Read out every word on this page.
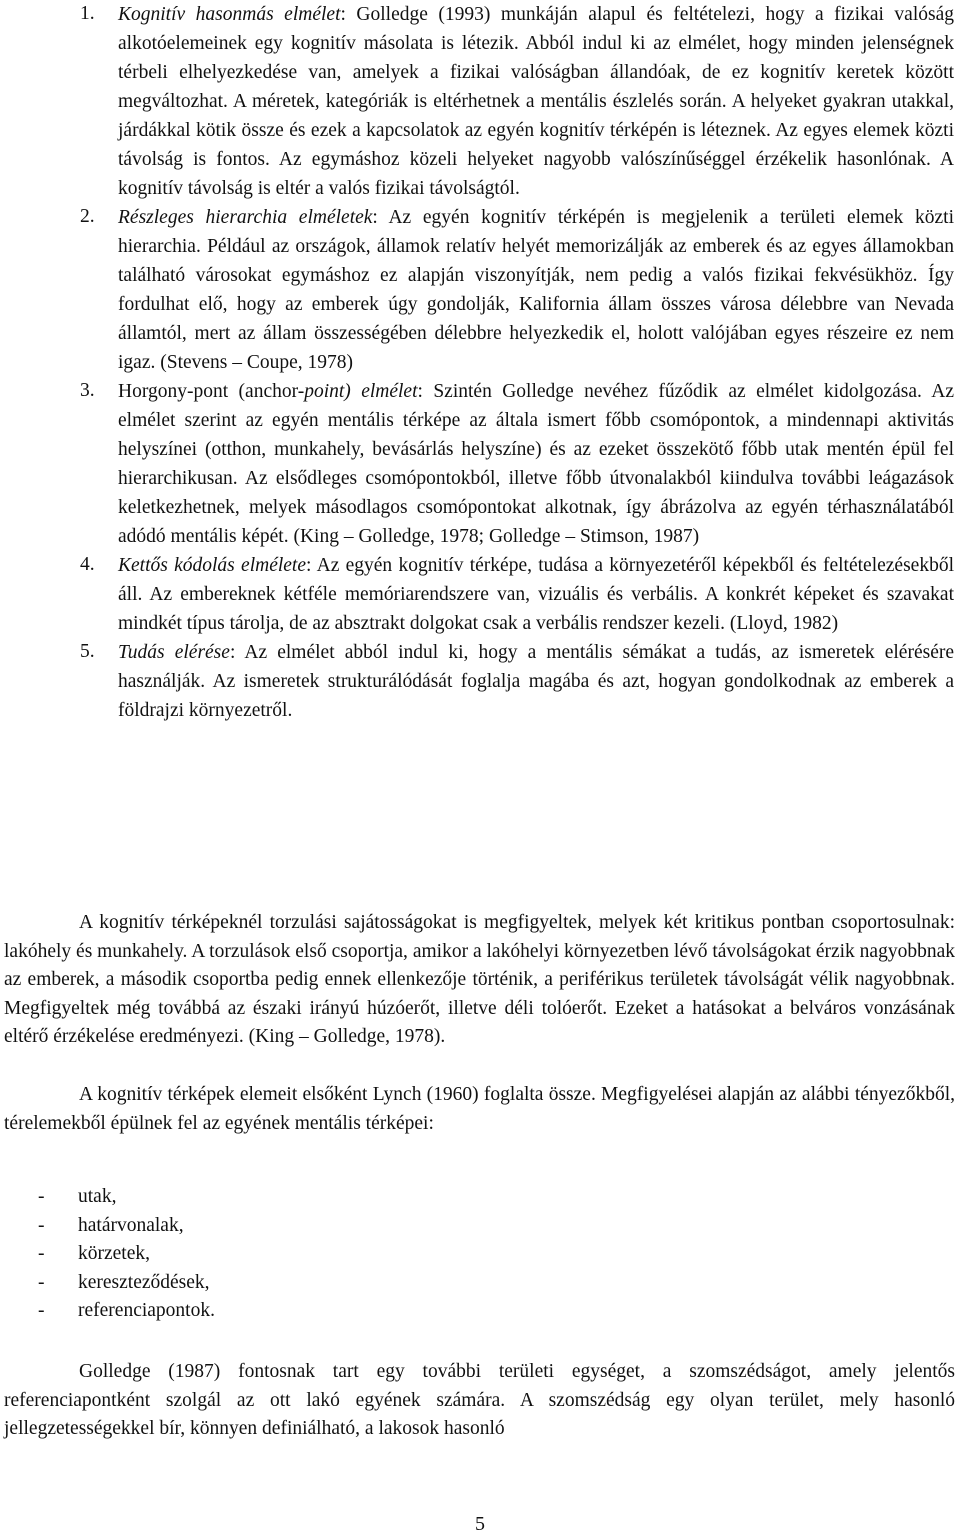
1. Kognitív hasonmás elmélet: Golledge (1993) munkáján alapul és feltételezi, hogy a fizikai valóság alkotóelemeinek egy kognitív másolata is létezik. Abból indul ki az elmélet, hogy minden jelenségnek térbeli elhelyezkedése van, amelyek a fizikai valóságban állandóak, de ez kognitív keretek között megváltozhat. A méretek, kategóriák is eltérhetnek a mentális észlelés során. A helyeket gyakran utakkal, járdákkal kötik össze és ezek a kapcsolatok az egyén kognitív térképén is léteznek. Az egyes elemek közti távolság is fontos. Az egymáshoz közeli helyeket nagyobb valószínűséggel érzékelik hasonlónak. A kognitív távolság is eltér a valós fizikai távolságtól.
2. Részleges hierarchia elméletek: Az egyén kognitív térképén is megjelenik a területi elemek közti hierarchia. Például az országok, államok relatív helyét memorizálják az emberek és az egyes államokban található városokat egymáshoz ez alapján viszonyítják, nem pedig a valós fizikai fekvésükhöz. Így fordulhat elő, hogy az emberek úgy gondolják, Kalifornia állam összes városa délebbre van Nevada államtól, mert az állam összességében délebbre helyezkedik el, holott valójában egyes részeire ez nem igaz. (Stevens – Coupe, 1978)
3. Horgony-pont (anchor-point) elmélet: Szintén Golledge nevéhez fűződik az elmélet kidolgozása. Az elmélet szerint az egyén mentális térképe az általa ismert főbb csomópontok, a mindennapi aktivitás helyszínei (otthon, munkahely, bevásárlás helyszíne) és az ezeket összekötő főbb utak mentén épül fel hierarchikusan. Az elsődleges csomópontokból, illetve főbb útvonalakból kiindulva további leágazások keletkezhetnek, melyek másodlagos csomópontokat alkotnak, így ábrázolva az egyén térhasználatából adódó mentális képét. (King – Golledge, 1978; Golledge – Stimson, 1987)
4. Kettős kódolás elmélete: Az egyén kognitív térképe, tudása a környezetéről képekből és feltételezésekből áll. Az embereknek kétféle memóriarendszere van, vizuális és verbális. A konkrét képeket és szavakat mindkét típus tárolja, de az absztrakt dolgokat csak a verbális rendszer kezeli. (Lloyd, 1982)
5. Tudás elérése: Az elmélet abból indul ki, hogy a mentális sémákat a tudás, az ismeretek elérésére használják. Az ismeretek strukturálódását foglalja magába és azt, hogyan gondolkodnak az emberek a földrajzi környezetről.

A kognitív térképeknél torzulási sajátosságokat is megfigyeltek, melyek két kritikus pontban csoportosulnak: lakóhely és munkahely. A torzulások első csoportja, amikor a lakóhelyi környezetben lévő távolságokat érzik nagyobbnak az emberek, a második csoportba pedig ennek ellenkezője történik, a periférikus területek távolságát vélik nagyobbnak. Megfigyeltek még továbbá az északi irányú húzóerőt, illetve déli tolóerőt. Ezeket a hatásokat a belváros vonzásának eltérő érzékelése eredményezi. (King – Golledge, 1978).

A kognitív térképek elemeit elsőként Lynch (1960) foglalta össze. Megfigyelései alapján az alábbi tényezőkből, térelemekből épülnek fel az egyének mentális térképei:

- utak,
- határvonalak,
- körzetek,
- kereszteződések,
- referenciapontok.

Golledge (1987) fontosnak tart egy további területi egységet, a szomszédságot, amely jelentős referenciapontként szolgál az ott lakó egyének számára. A szomszédság egy olyan terület, mely hasonló jellegzetességekkel bír, könnyen definiálható, a lakosok hasonló

5
